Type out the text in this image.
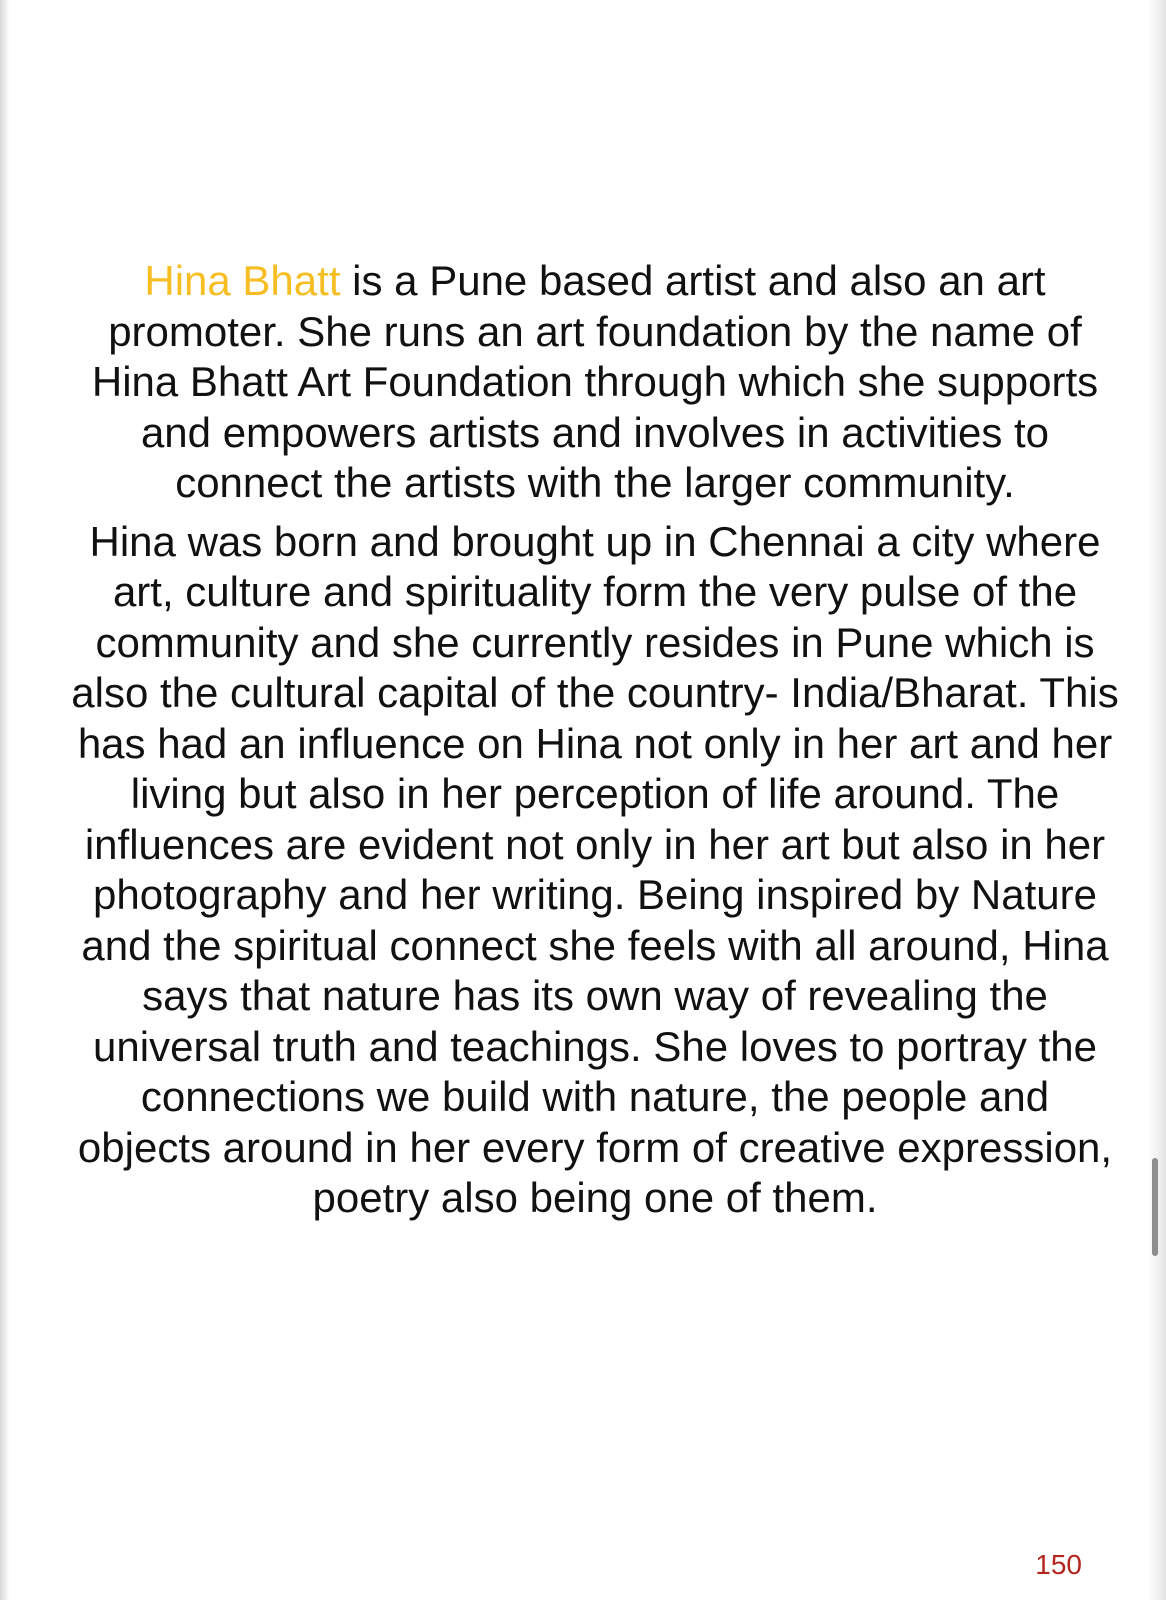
Hina Bhatt is a Pune based artist and also an art promoter. She runs an art foundation by the name of Hina Bhatt Art Foundation through which she supports and empowers artists and involves in activities to connect the artists with the larger community.

Hina was born and brought up in Chennai a city where art, culture and spirituality form the very pulse of the community and she currently resides in Pune which is also the cultural capital of the country- India/Bharat. This has had an influence on Hina not only in her art and her living but also in her perception of life around. The influences are evident not only in her art but also in her photography and her writing. Being inspired by Nature and the spiritual connect she feels with all around, Hina says that nature has its own way of revealing the universal truth and teachings. She loves to portray the connections we build with nature, the people and objects around in her every form of creative expression, poetry also being one of them.

150
